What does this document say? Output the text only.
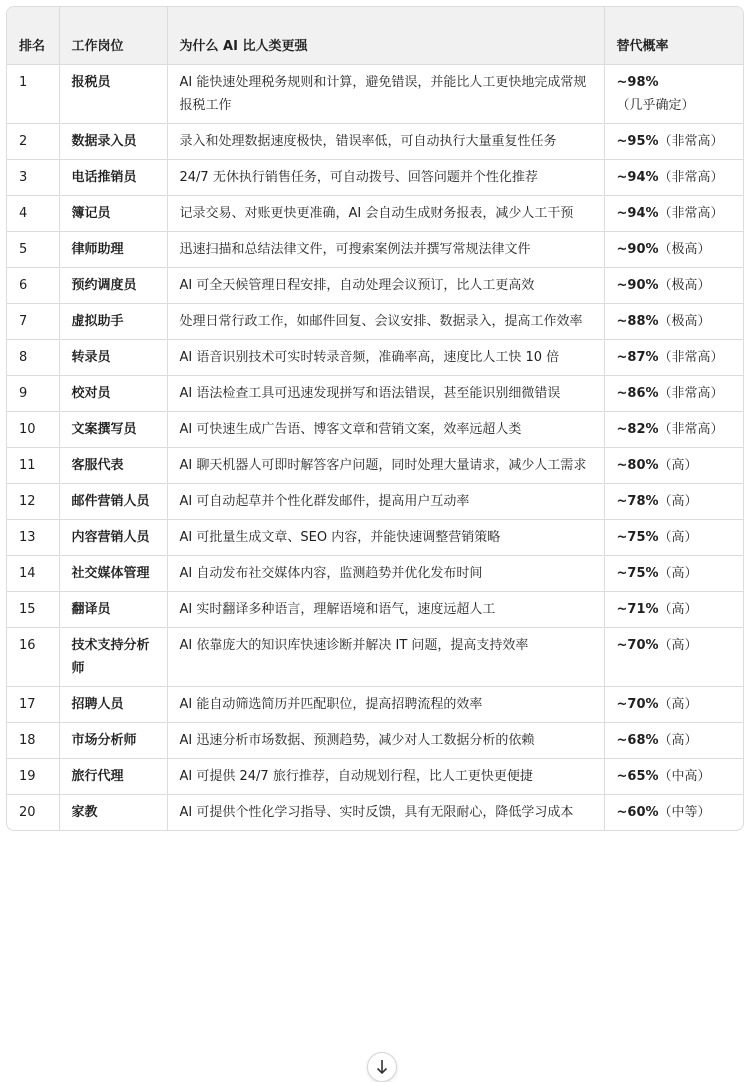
排名	工作岗位	为什么 AI 比人类更强	替代概率
1	报税员	AI 能快速处理税务规则和计算，避免错误，并能比人工更快地完成常规报税工作	~98%（几乎确定）
2	数据录入员	录入和处理数据速度极快，错误率低，可自动执行大量重复性任务	~95%（非常高）
3	电话推销员	24/7 无休执行销售任务，可自动拨号、回答问题并个性化推荐	~94%（非常高）
4	簿记员	记录交易、对账更快更准确，AI 会自动生成财务报表，减少人工干预	~94%（非常高）
5	律师助理	迅速扫描和总结法律文件，可搜索案例法并撰写常规法律文件	~90%（极高）
6	预约调度员	AI 可全天候管理日程安排，自动处理会议预订，比人工更高效	~90%（极高）
7	虚拟助手	处理日常行政工作，如邮件回复、会议安排、数据录入，提高工作效率	~88%（极高）
8	转录员	AI 语音识别技术可实时转录音频，准确率高，速度比人工快 10 倍	~87%（非常高）
9	校对员	AI 语法检查工具可迅速发现拼写和语法错误，甚至能识别细微错误	~86%（非常高）
10	文案撰写员	AI 可快速生成广告语、博客文章和营销文案，效率远超人类	~82%（非常高）
11	客服代表	AI 聊天机器人可即时解答客户问题，同时处理大量请求，减少人工需求	~80%（高）
12	邮件营销人员	AI 可自动起草并个性化群发邮件，提高用户互动率	~78%（高）
13	内容营销人员	AI 可批量生成文章、SEO 内容，并能快速调整营销策略	~75%（高）
14	社交媒体管理	AI 自动发布社交媒体内容，监测趋势并优化发布时间	~75%（高）
15	翻译员	AI 实时翻译多种语言，理解语境和语气，速度远超人工	~71%（高）
16	技术支持分析师	AI 依靠庞大的知识库快速诊断并解决 IT 问题，提高支持效率	~70%（高）
17	招聘人员	AI 能自动筛选简历并匹配职位，提高招聘流程的效率	~70%（高）
18	市场分析师	AI 迅速分析市场数据、预测趋势，减少对人工数据分析的依赖	~68%（高）
19	旅行代理	AI 可提供 24/7 旅行推荐，自动规划行程，比人工更快更便捷	~65%（中高）
20	家教	AI 可提供个性化学习指导、实时反馈，具有无限耐心，降低学习成本	~60%（中等）
